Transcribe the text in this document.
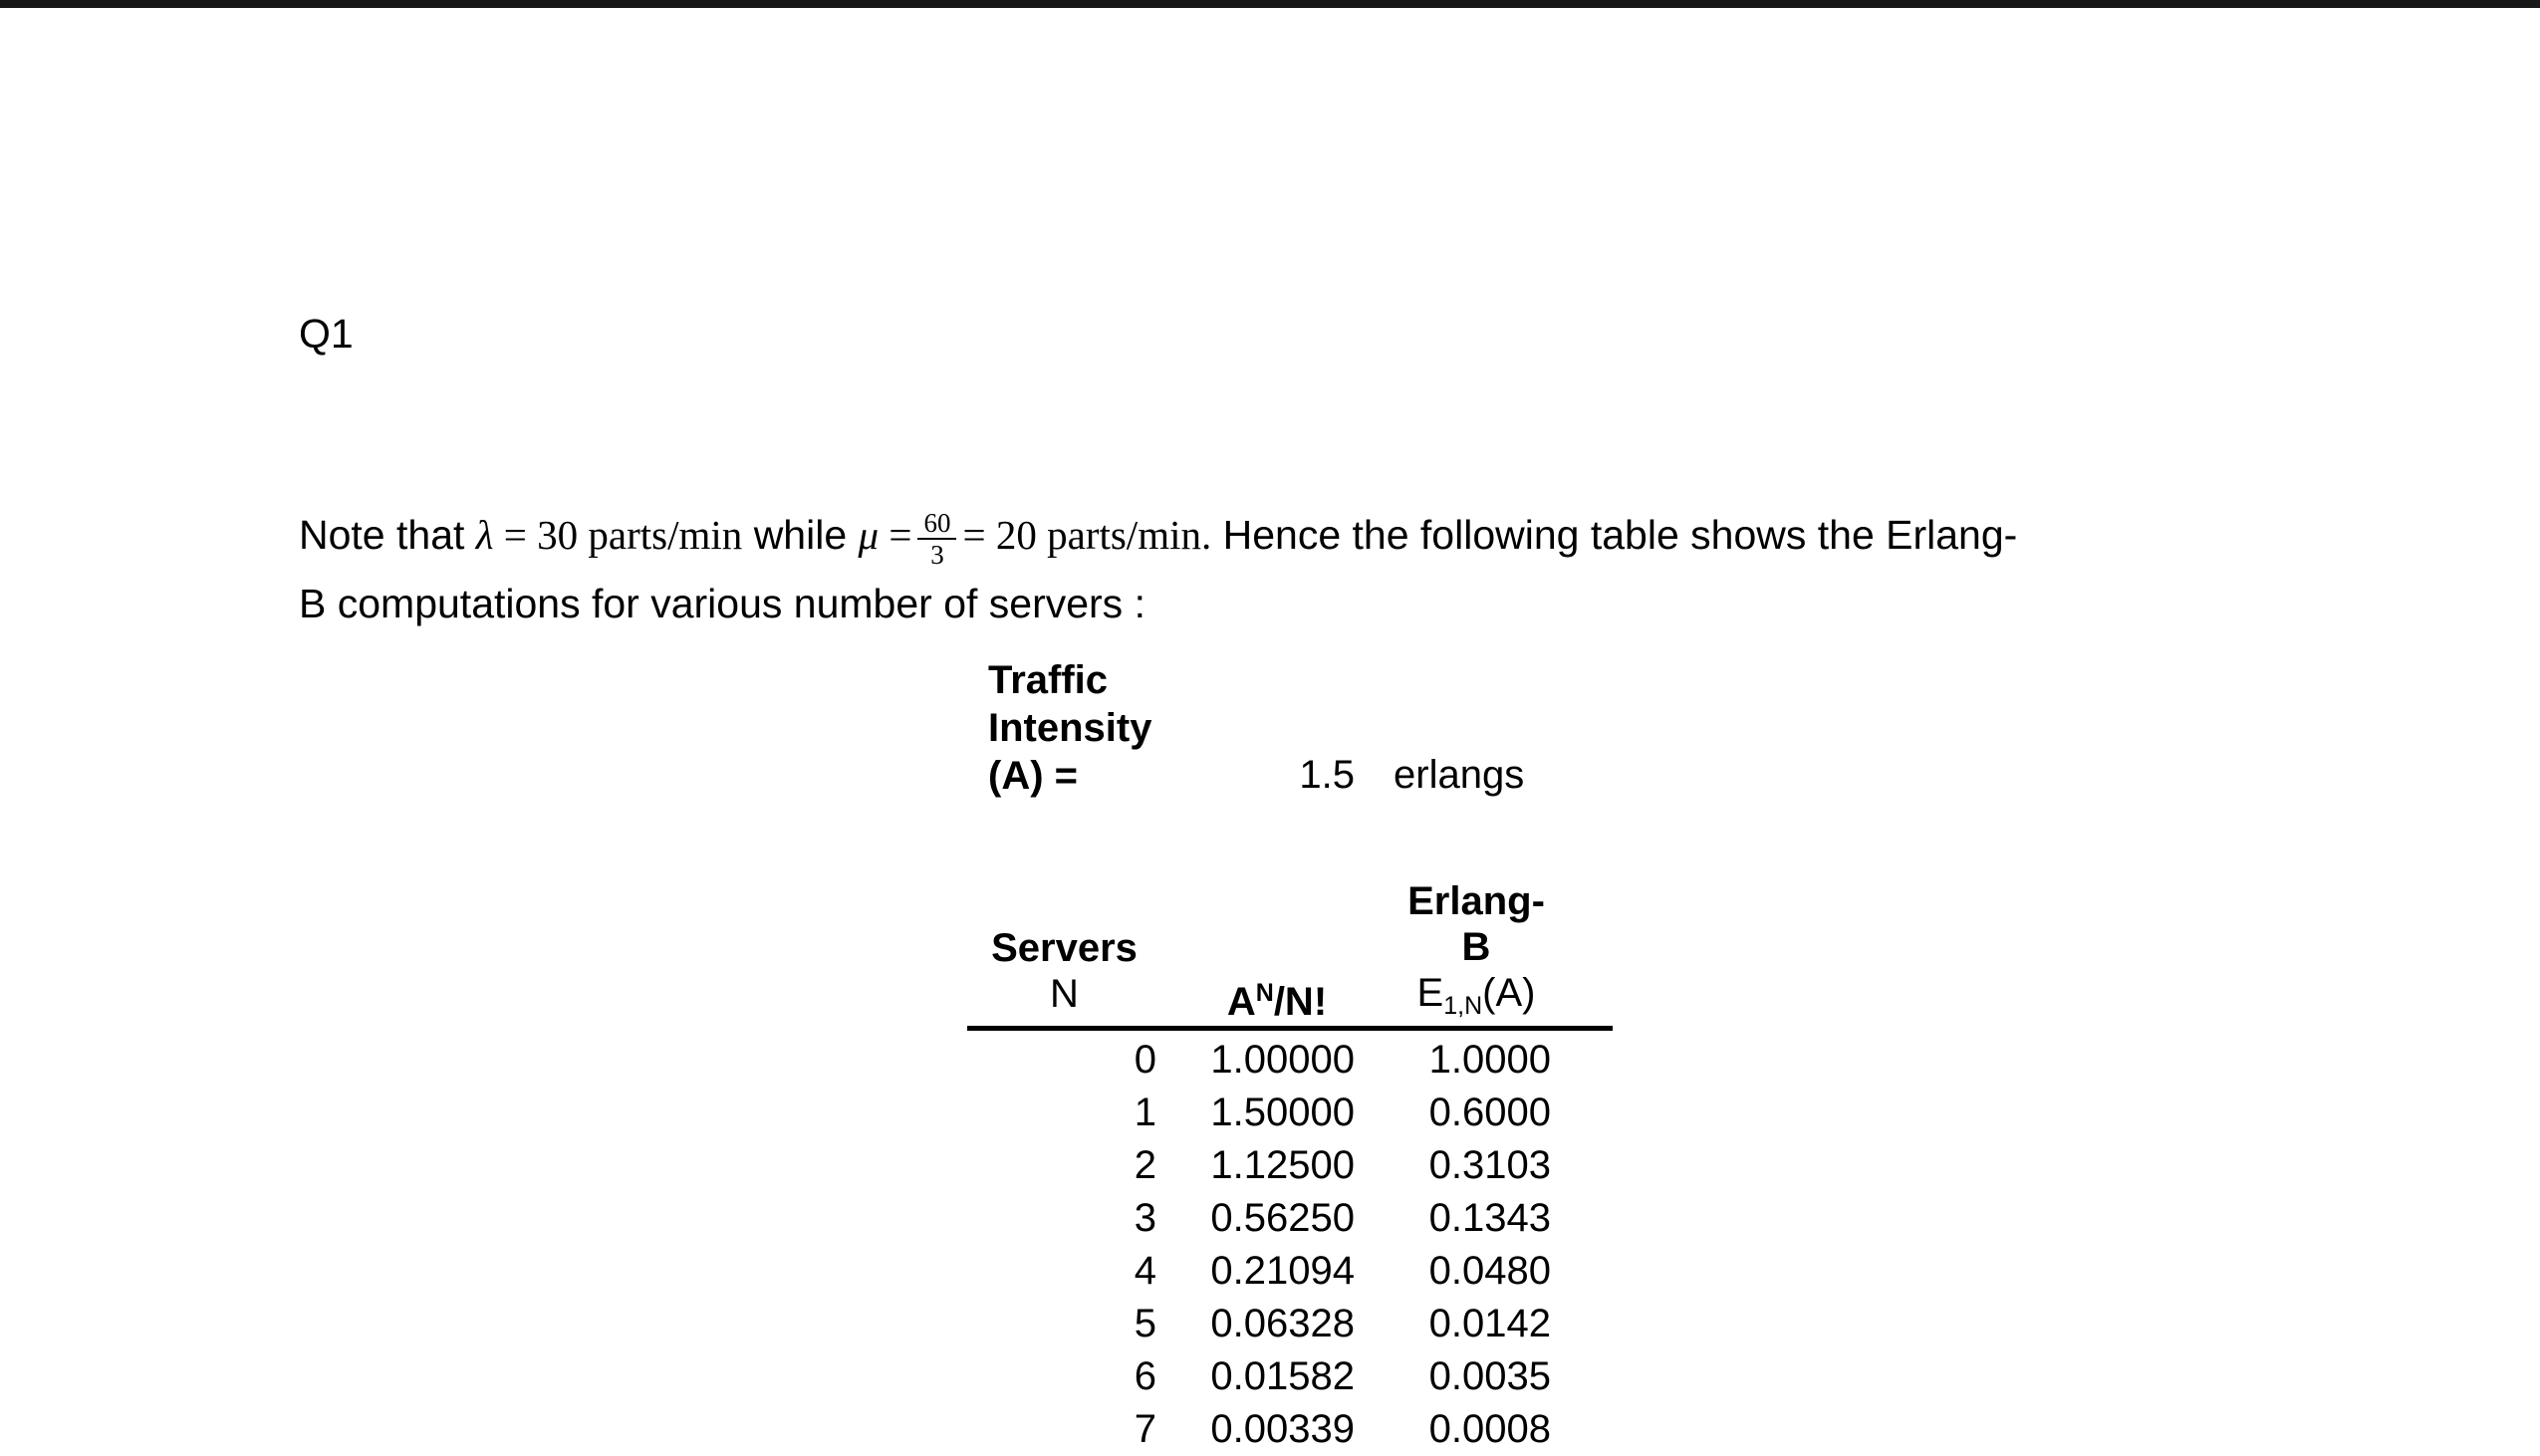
Q1
Note that λ = 30 parts/min while $\mu = \frac{60}{3} = 20$ parts/min. Hence the following table shows the Erlang-
B computations for various number of servers :
Traffic
Intensity
(A) =	1.5 erlangs
Servers
N	$A^N/N$!
Erlang-
B
$E_{1,N}(A)$
0	1.00000	1.0000
1	1.50000	0.6000
2	1.12500	0.3103
3	0.56250	0.1343
4	0.21094	0.0480
5	0.06328	0.0142
6	0.01582	0.0035
7	0.00339	0.0008
